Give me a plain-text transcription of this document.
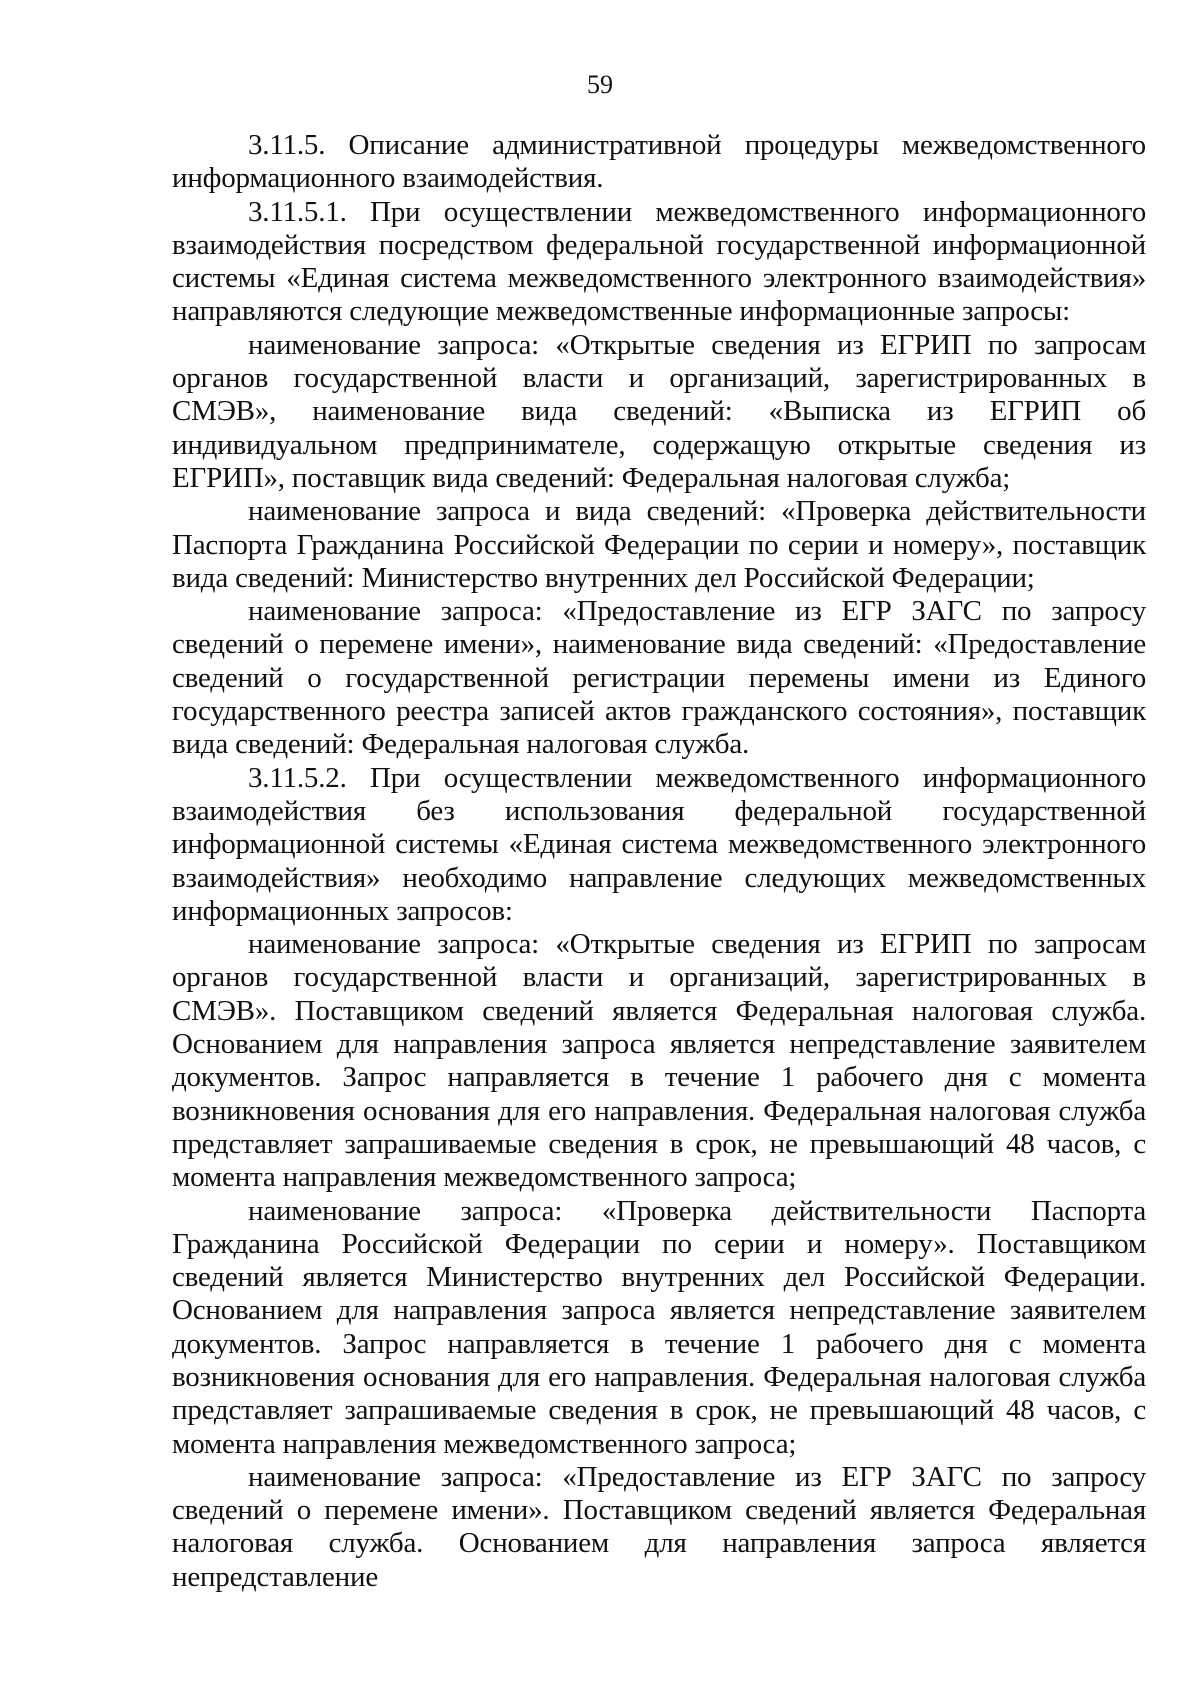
59

3.11.5. Описание административной процедуры межведомственного информационного взаимодействия.

3.11.5.1. При осуществлении межведомственного информационного взаимодействия посредством федеральной государственной информационной системы «Единая система межведомственного электронного взаимодействия» направляются следующие межведомственные информационные запросы:

наименование запроса: «Открытые сведения из ЕГРИП по запросам органов государственной власти и организаций, зарегистрированных в СМЭВ», наименование вида сведений: «Выписка из ЕГРИП об индивидуальном предпринимателе, содержащую открытые сведения из ЕГРИП», поставщик вида сведений: Федеральная налоговая служба;

наименование запроса и вида сведений: «Проверка действительности Паспорта Гражданина Российской Федерации по серии и номеру», поставщик вида сведений: Министерство внутренних дел Российской Федерации;

наименование запроса: «Предоставление из ЕГР ЗАГС по запросу сведений о перемене имени», наименование вида сведений: «Предоставление сведений о государственной регистрации перемены имени из Единого государственного реестра записей актов гражданского состояния», поставщик вида сведений: Федеральная налоговая служба.

3.11.5.2. При осуществлении межведомственного информационного взаимодействия без использования федеральной государственной информационной системы «Единая система межведомственного электронного взаимодействия» необходимо направление следующих межведомственных информационных запросов:

наименование запроса: «Открытые сведения из ЕГРИП по запросам органов государственной власти и организаций, зарегистрированных в СМЭВ». Поставщиком сведений является Федеральная налоговая служба. Основанием для направления запроса является непредставление заявителем документов. Запрос направляется в течение 1 рабочего дня с момента возникновения основания для его направления. Федеральная налоговая служба представляет запрашиваемые сведения в срок, не превышающий 48 часов, с момента направления межведомственного запроса;

наименование запроса: «Проверка действительности Паспорта Гражданина Российской Федерации по серии и номеру». Поставщиком сведений является Министерство внутренних дел Российской Федерации. Основанием для направления запроса является непредставление заявителем документов. Запрос направляется в течение 1 рабочего дня с момента возникновения основания для его направления. Федеральная налоговая служба представляет запрашиваемые сведения в срок, не превышающий 48 часов, с момента направления межведомственного запроса;

наименование запроса: «Предоставление из ЕГР ЗАГС по запросу сведений о перемене имени». Поставщиком сведений является Федеральная налоговая служба. Основанием для направления запроса является непредставление
